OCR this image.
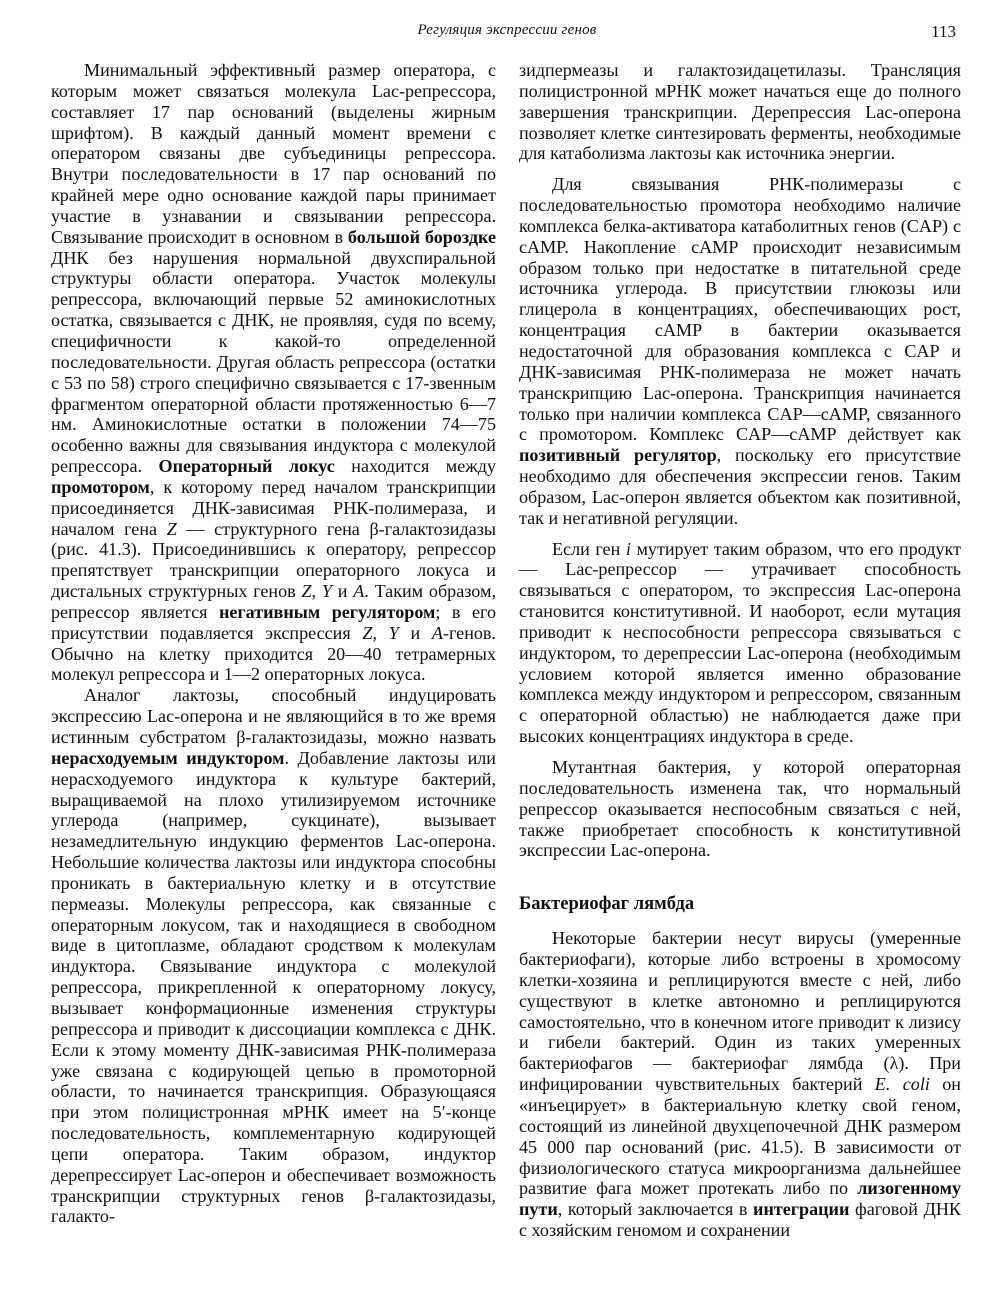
Регуляция экспрессии генов	113

Минимальный эффективный размер оператора, с которым может связаться молекула Lac-репрессора, составляет 17 пар оснований (выделены жирным шрифтом). В каждый данный момент времени с оператором связаны две субъединицы репрессора. Внутри последовательности в 17 пар оснований по крайней мере одно основание каждой пары принимает участие в узнавании и связывании репрессора. Связывание происходит в основном в большой бороздке ДНК без нарушения нормальной двухспиральной структуры области оператора. Участок молекулы репрессора, включающий первые 52 аминокислотных остатка, связывается с ДНК, не проявляя, судя по всему, специфичности к какой-то определенной последовательности. Другая область репрессора (остатки с 53 по 58) строго специфично связывается с 17-звенным фрагментом операторной области протяженностью 6—7 нм. Аминокислотные остатки в положении 74—75 особенно важны для связывания индуктора с молекулой репрессора. Операторный локус находится между промотором, к которому перед началом транскрипции присоединяется ДНК-зависимая РНК-полимераза, и началом гена Z — структурного гена β-галактозидазы (рис. 41.3). Присоединившись к оператору, репрессор препятствует транскрипции операторного локуса и дистальных структурных генов Z, Y и A. Таким образом, репрессор является негативным регулятором; в его присутствии подавляется экспрессия Z, Y и A-генов. Обычно на клетку приходится 20—40 тетрамерных молекул репрессора и 1—2 операторных локуса.

Аналог лактозы, способный индуцировать экспрессию Lac-оперона и не являющийся в то же время истинным субстратом β-галактозидазы, можно назвать нерасходуемым индуктором. Добавление лактозы или нерасходуемого индуктора к культуре бактерий, выращиваемой на плохо утилизируемом источнике углерода (например, сукцинате), вызывает незамедлительную индукцию ферментов Lac-оперона. Небольшие количества лактозы или индуктора способны проникать в бактериальную клетку и в отсутствие пермеазы. Молекулы репрессора, как связанные с операторным локусом, так и находящиеся в свободном виде в цитоплазме, обладают сродством к молекулам индуктора. Связывание индуктора с молекулой репрессора, прикрепленной к операторному локусу, вызывает конформационные изменения структуры репрессора и приводит к диссоциации комплекса с ДНК. Если к этому моменту ДНК-зависимая РНК-полимераза уже связана с кодирующей цепью в промоторной области, то начинается транскрипция. Образующаяся при этом полицистронная мРНК имеет на 5′-конце последовательность, комплементарную кодирующей цепи оператора. Таким образом, индуктор дерепрессирует Lac-оперон и обеспечивает возможность транскрипции структурных генов β-галактозидазы, галакто-

зидпермеазы и галактозидацетилазы. Трансляция полицистронной мРНК может начаться еще до полного завершения транскрипции. Дерепрессия Lac-оперона позволяет клетке синтезировать ферменты, необходимые для катаболизма лактозы как источника энергии.

Для связывания РНК-полимеразы с последовательностью промотора необходимо наличие комплекса белка-активатора катаболитных генов (CAP) с cAMP. Накопление cAMP происходит независимым образом только при недостатке в питательной среде источника углерода. В присутствии глюкозы или глицерола в концентрациях, обеспечивающих рост, концентрация cAMP в бактерии оказывается недостаточной для образования комплекса с CAP и ДНК-зависимая РНК-полимераза не может начать транскрипцию Lac-оперона. Транскрипция начинается только при наличии комплекса CAP—cAMP, связанного с промотором. Комплекс CAP—cAMP действует как позитивный регулятор, поскольку его присутствие необходимо для обеспечения экспрессии генов. Таким образом, Lac-оперон является объектом как позитивной, так и негативной регуляции.

Если ген i мутирует таким образом, что его продукт — Lac-репрессор — утрачивает способность связываться с оператором, то экспрессия Lac-оперона становится конститутивной. И наоборот, если мутация приводит к неспособности репрессора связываться с индуктором, то дерепрессии Lac-оперона (необходимым условием которой является именно образование комплекса между индуктором и репрессором, связанным с операторной областью) не наблюдается даже при высоких концентрациях индуктора в среде.

Мутантная бактерия, у которой операторная последовательность изменена так, что нормальный репрессор оказывается неспособным связаться с ней, также приобретает способность к конститутивной экспрессии Lac-оперона.

Бактериофаг лямбда

Некоторые бактерии несут вирусы (умеренные бактериофаги), которые либо встроены в хромосому клетки-хозяина и реплицируются вместе с ней, либо существуют в клетке автономно и реплицируются самостоятельно, что в конечном итоге приводит к лизису и гибели бактерий. Один из таких умеренных бактериофагов — бактериофаг лямбда (λ). При инфицировании чувствительных бактерий E. coli он «инъецирует» в бактериальную клетку свой геном, состоящий из линейной двухцепочечной ДНК размером 45 000 пар оснований (рис. 41.5). В зависимости от физиологического статуса микроорганизма дальнейшее развитие фага может протекать либо по лизогенному пути, который заключается в интеграции фаговой ДНК с хозяйским геномом и сохранении
